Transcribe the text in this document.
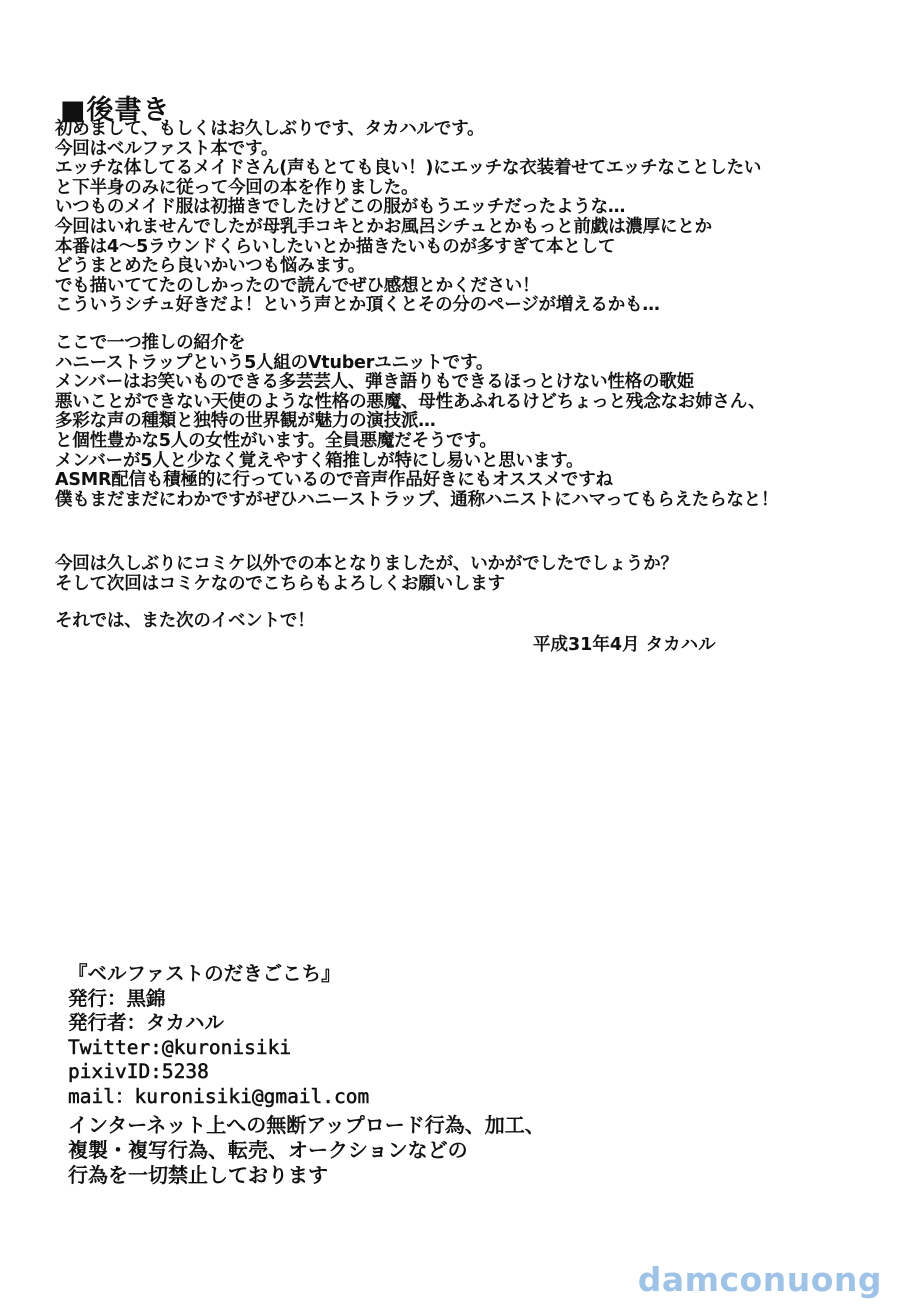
■後書き
初めまして、もしくはお久しぶりです、タカハルです。
今回はベルファスト本です。
エッチな体してるメイドさん(声もとても良い！)にエッチな衣装着せてエッチなことしたい
と下半身のみに従って今回の本を作りました。
いつものメイド服は初描きでしたけどこの服がもうエッチだったような…
今回はいれませんでしたが母乳手コキとかお風呂シチュとかもっと前戯は濃厚にとか
本番は4～5ラウンドくらいしたいとか描きたいものが多すぎて本として
どうまとめたら良いかいつも悩みます。
でも描いててたのしかったので読んでぜひ感想とかください！
こういうシチュ好きだよ！という声とか頂くとその分のページが増えるかも…
ここで一つ推しの紹介を
ハニーストラップという5人組のVtuberユニットです。
メンバーはお笑いものできる多芸芸人、弾き語りもできるほっとけない性格の歌姫
悪いことができない天使のような性格の悪魔、母性あふれるけどちょっと残念なお姉さん、
多彩な声の種類と独特の世界観が魅力の演技派…
と個性豊かな5人の女性がいます。全員悪魔だそうです。
メンバーが5人と少なく覚えやすく箱推しが特にし易いと思います。
ASMR配信も積極的に行っているので音声作品好きにもオススメですね
僕もまだまだにわかですがぜひハニーストラップ、通称ハニストにハマってもらえたらなと！
今回は久しぶりにコミケ以外での本となりましたが、いかがでしたでしょうか？
そして次回はコミケなのでこちらもよろしくお願いします
それでは、また次のイベントで！
平成31年4月 タカハル
『ベルファストのだきごこち』
発行：黒錦
発行者：タカハル
Twitter:@kuronisiki
pixivID:5238
mail：kuronisiki@gmail.com
インターネット上への無断アップロード行為、加工、
複製・複写行為、転売、オークションなどの
行為を一切禁止しております
damconuong
